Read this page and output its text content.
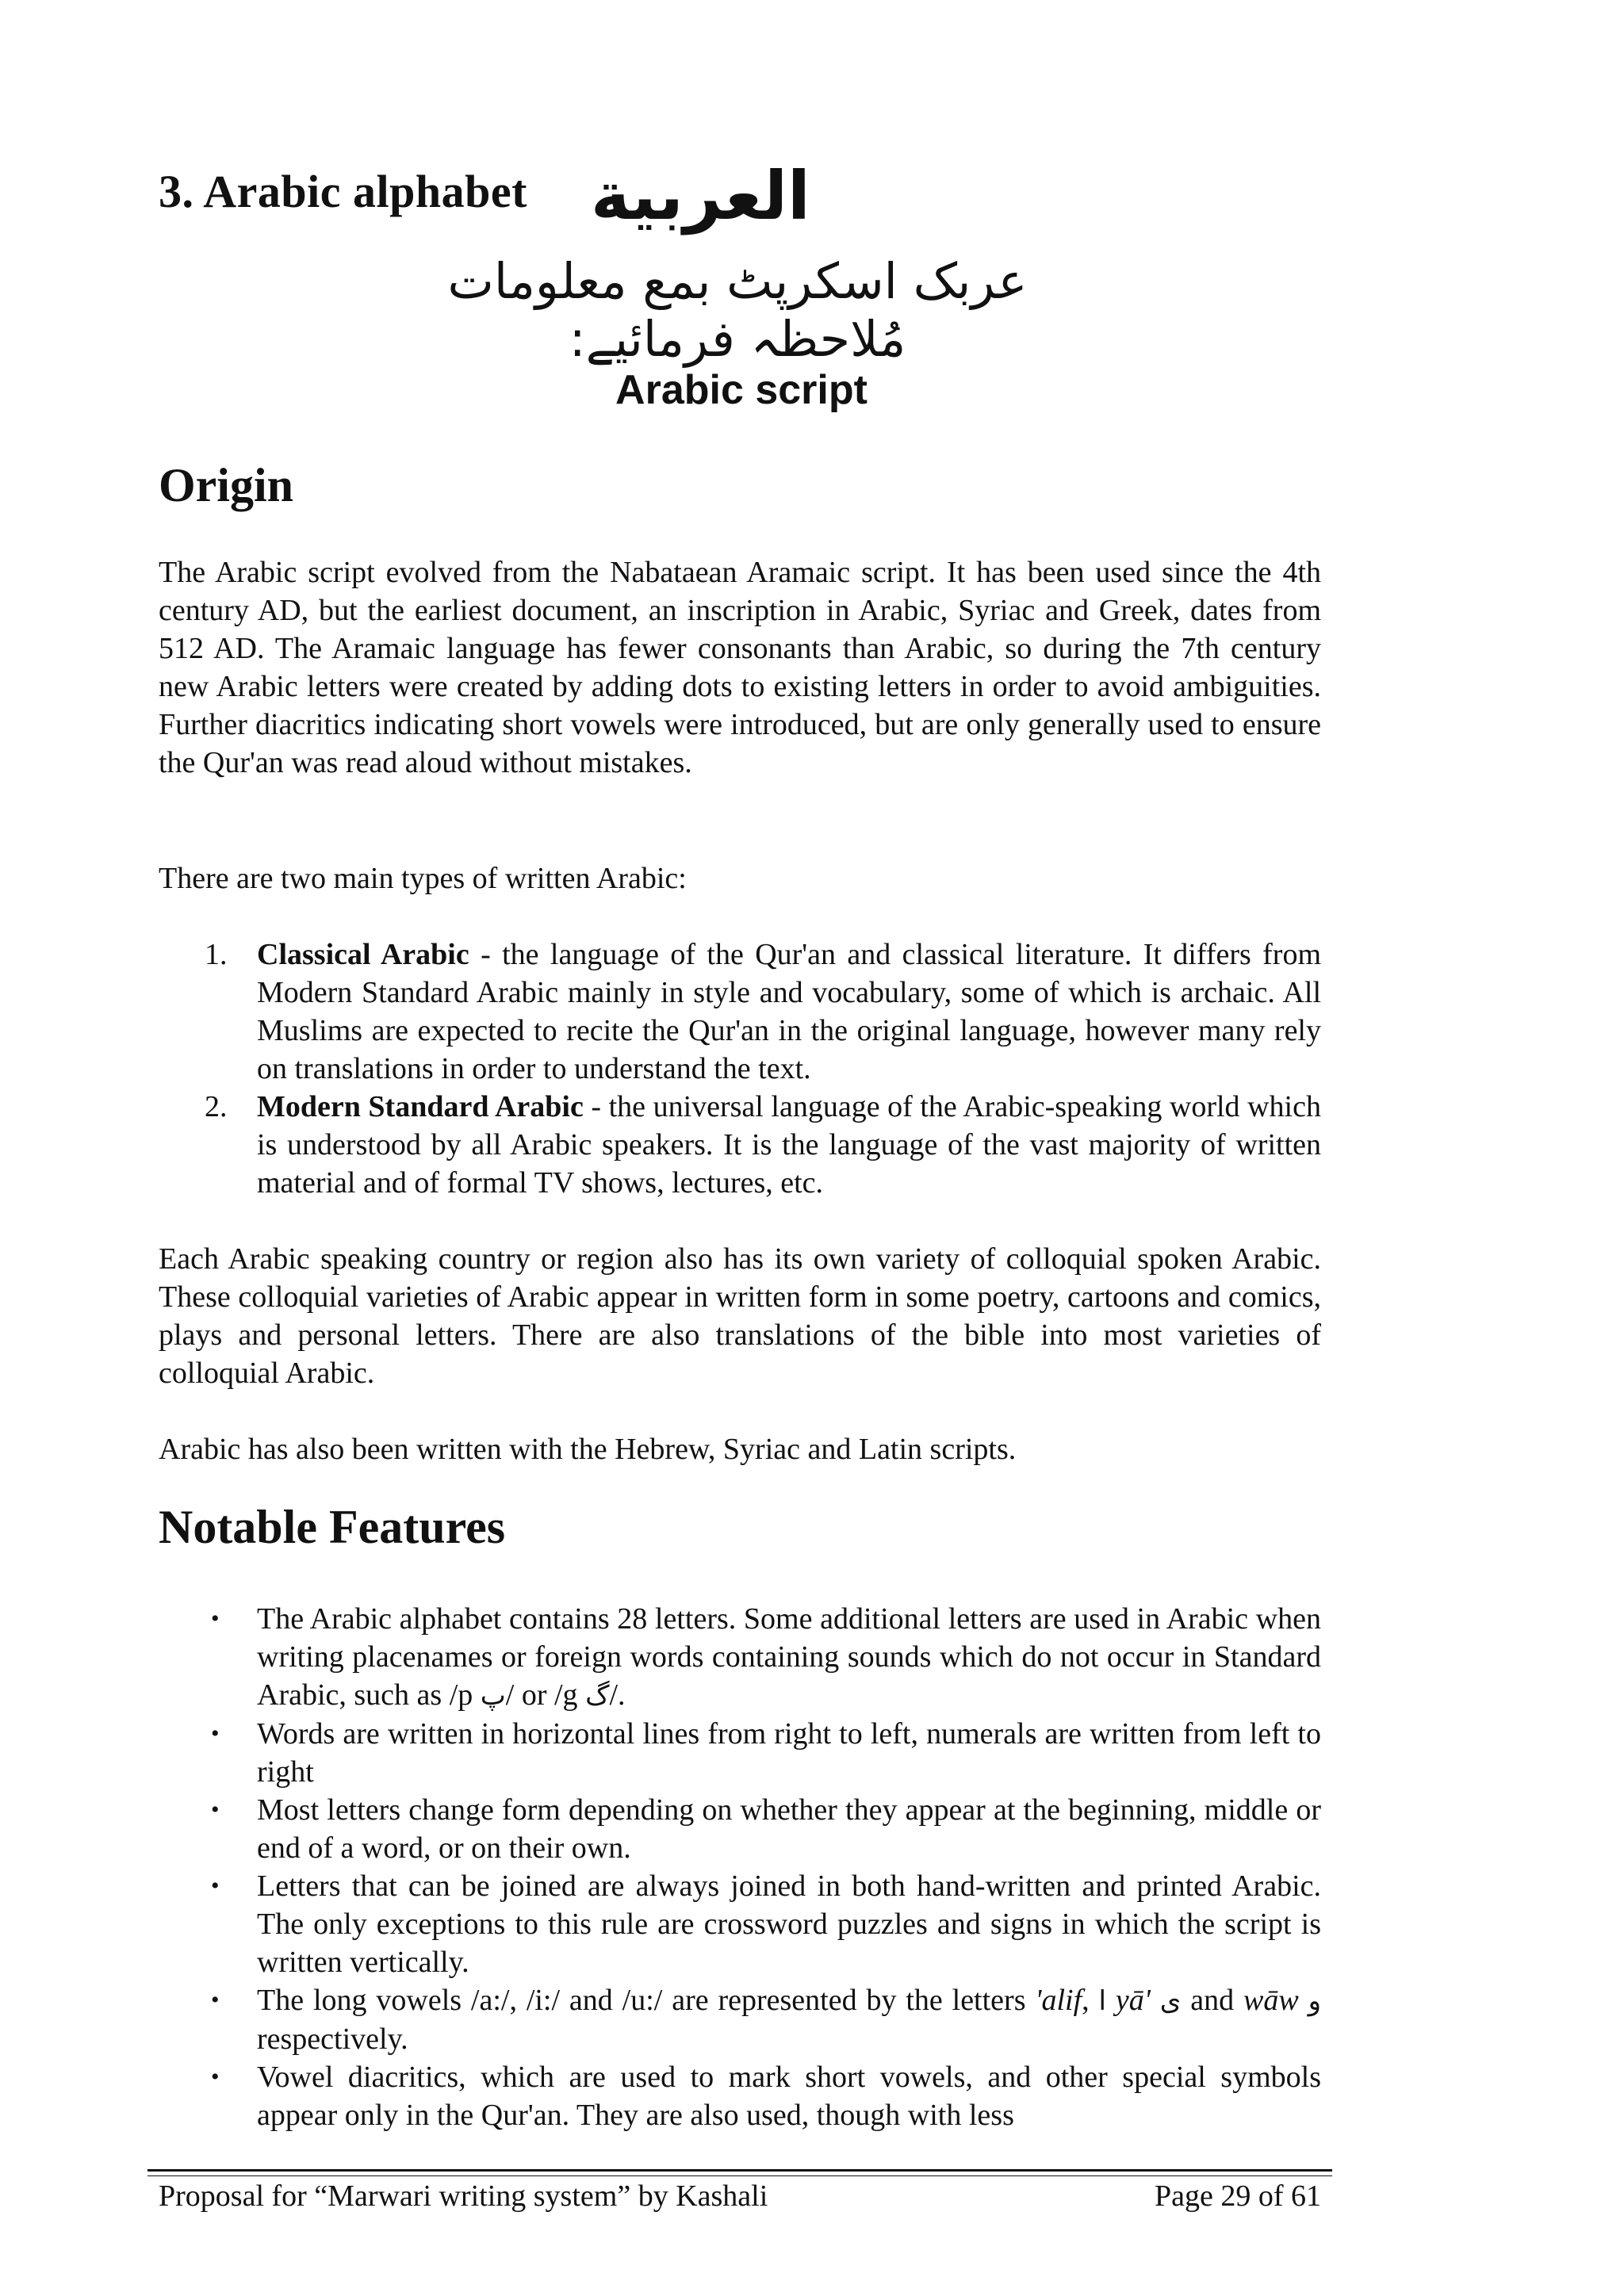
3. Arabic alphabet العربية
عربک اسکرپٹ بمع معلومات مُلاحظہ فرمائیے:
Arabic script
Origin

The Arabic script evolved from the Nabataean Aramaic script. It has been used since the 4th century AD, but the earliest document, an inscription in Arabic, Syriac and Greek, dates from 512 AD. The Aramaic language has fewer consonants than Arabic, so during the 7th century new Arabic letters were created by adding dots to existing letters in order to avoid ambiguities. Further diacritics indicating short vowels were introduced, but are only generally used to ensure the Qur'an was read aloud without mistakes.

There are two main types of written Arabic:

1. Classical Arabic - the language of the Qur'an and classical literature. It differs from Modern Standard Arabic mainly in style and vocabulary, some of which is archaic. All Muslims are expected to recite the Qur'an in the original language, however many rely on translations in order to understand the text.
2. Modern Standard Arabic - the universal language of the Arabic-speaking world which is understood by all Arabic speakers. It is the language of the vast majority of written material and of formal TV shows, lectures, etc.

Each Arabic speaking country or region also has its own variety of colloquial spoken Arabic. These colloquial varieties of Arabic appear in written form in some poetry, cartoons and comics, plays and personal letters. There are also translations of the bible into most varieties of colloquial Arabic.

Arabic has also been written with the Hebrew, Syriac and Latin scripts.

Notable Features
• The Arabic alphabet contains 28 letters. Some additional letters are used in Arabic when writing placenames or foreign words containing sounds which do not occur in Standard Arabic, such as /p پ/ or /g گ/.
• Words are written in horizontal lines from right to left, numerals are written from left to right
• Most letters change form depending on whether they appear at the beginning, middle or end of a word, or on their own.
• Letters that can be joined are always joined in both hand-written and printed Arabic. The only exceptions to this rule are crossword puzzles and signs in which the script is written vertically.
• The long vowels /a:/, /i:/ and /u:/ are represented by the letters 'alif, ا yā' ى and wāw و respectively.
• Vowel diacritics, which are used to mark short vowels, and other special symbols appear only in the Qur'an. They are also used, though with less
Proposal for “Marwari writing system” by Kashali	Page 29 of 61
